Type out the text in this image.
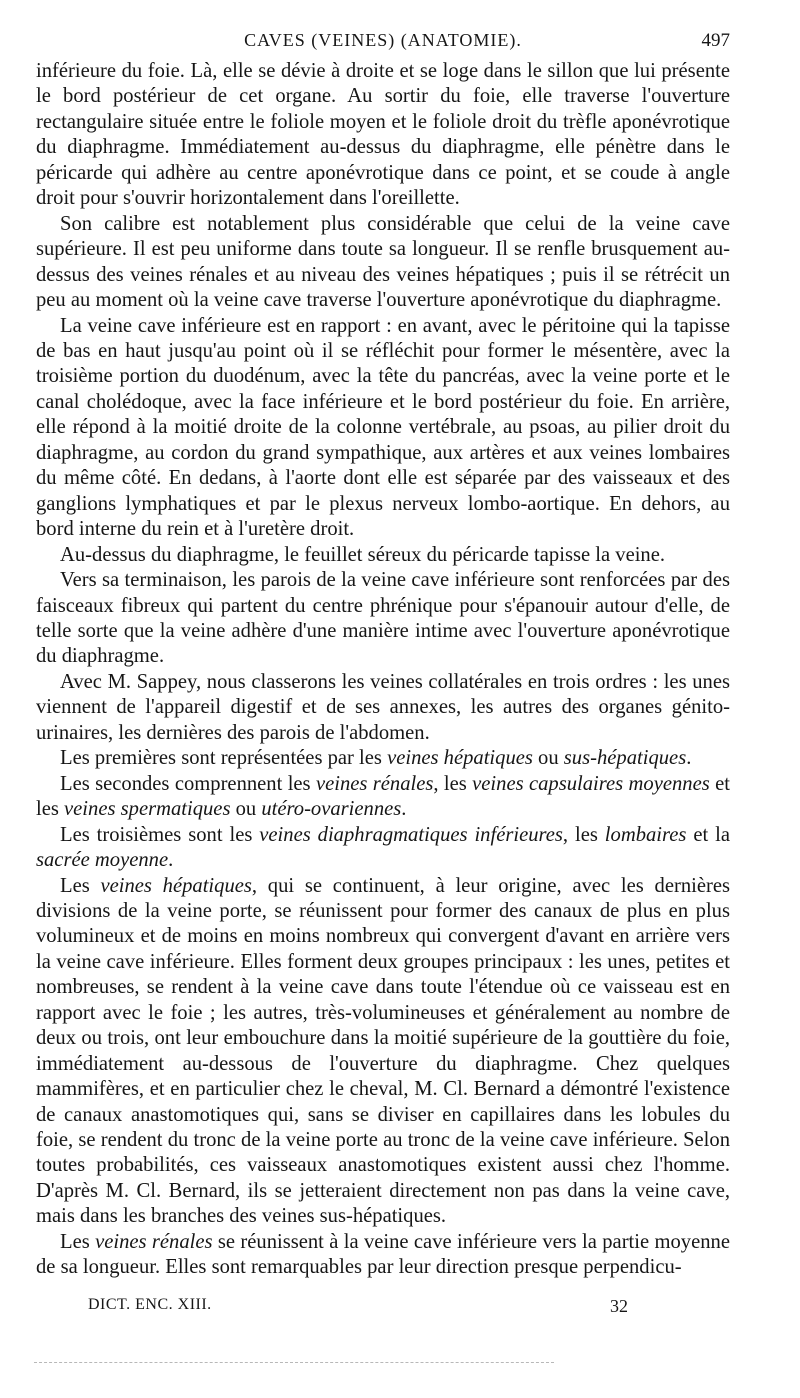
CAVES (VEINES) (ANATOMIE).	497

inférieure du foie. Là, elle se dévie à droite et se loge dans le sillon que lui présente le bord postérieur de cet organe. Au sortir du foie, elle traverse l'ouverture rectangulaire située entre le foliole moyen et le foliole droit du trèfle aponévrotique du diaphragme. Immédiatement au-dessus du diaphragme, elle pénètre dans le péricarde qui adhère au centre aponévrotique dans ce point, et se coude à angle droit pour s'ouvrir horizontalement dans l'oreillette.

Son calibre est notablement plus considérable que celui de la veine cave supérieure. Il est peu uniforme dans toute sa longueur. Il se renfle brusquement au-dessus des veines rénales et au niveau des veines hépatiques ; puis il se rétrécit un peu au moment où la veine cave traverse l'ouverture aponévrotique du diaphragme.

La veine cave inférieure est en rapport : en avant, avec le péritoine qui la tapisse de bas en haut jusqu'au point où il se réfléchit pour former le mésentère, avec la troisième portion du duodénum, avec la tête du pancréas, avec la veine porte et le canal cholédoque, avec la face inférieure et le bord postérieur du foie. En arrière, elle répond à la moitié droite de la colonne vertébrale, au psoas, au pilier droit du diaphragme, au cordon du grand sympathique, aux artères et aux veines lombaires du même côté. En dedans, à l'aorte dont elle est séparée par des vaisseaux et des ganglions lymphatiques et par le plexus nerveux lombo-aortique. En dehors, au bord interne du rein et à l'uretère droit.

Au-dessus du diaphragme, le feuillet séreux du péricarde tapisse la veine.

Vers sa terminaison, les parois de la veine cave inférieure sont renforcées par des faisceaux fibreux qui partent du centre phrénique pour s'épanouir autour d'elle, de telle sorte que la veine adhère d'une manière intime avec l'ouverture aponévrotique du diaphragme.

Avec M. Sappey, nous classerons les veines collatérales en trois ordres : les unes viennent de l'appareil digestif et de ses annexes, les autres des organes génito-urinaires, les dernières des parois de l'abdomen.

Les premières sont représentées par les veines hépatiques ou sus-hépatiques.

Les secondes comprennent les veines rénales, les veines capsulaires moyennes et les veines spermatiques ou utéro-ovariennes.

Les troisièmes sont les veines diaphragmatiques inférieures, les lombaires et la sacrée moyenne.

Les veines hépatiques, qui se continuent, à leur origine, avec les dernières divisions de la veine porte, se réunissent pour former des canaux de plus en plus volumineux et de moins en moins nombreux qui convergent d'avant en arrière vers la veine cave inférieure. Elles forment deux groupes principaux : les unes, petites et nombreuses, se rendent à la veine cave dans toute l'étendue où ce vaisseau est en rapport avec le foie ; les autres, très-volumineuses et généralement au nombre de deux ou trois, ont leur embouchure dans la moitié supérieure de la gouttière du foie, immédiatement au-dessous de l'ouverture du diaphragme. Chez quelques mammifères, et en particulier chez le cheval, M. Cl. Bernard a démontré l'existence de canaux anastomotiques qui, sans se diviser en capillaires dans les lobules du foie, se rendent du tronc de la veine porte au tronc de la veine cave inférieure. Selon toutes probabilités, ces vaisseaux anastomotiques existent aussi chez l'homme. D'après M. Cl. Bernard, ils se jetteraient directement non pas dans la veine cave, mais dans les branches des veines sus-hépatiques.

Les veines rénales se réunissent à la veine cave inférieure vers la partie moyenne de sa longueur. Elles sont remarquables par leur direction presque perpendicu-

DICT. ENC. XIII.	32
